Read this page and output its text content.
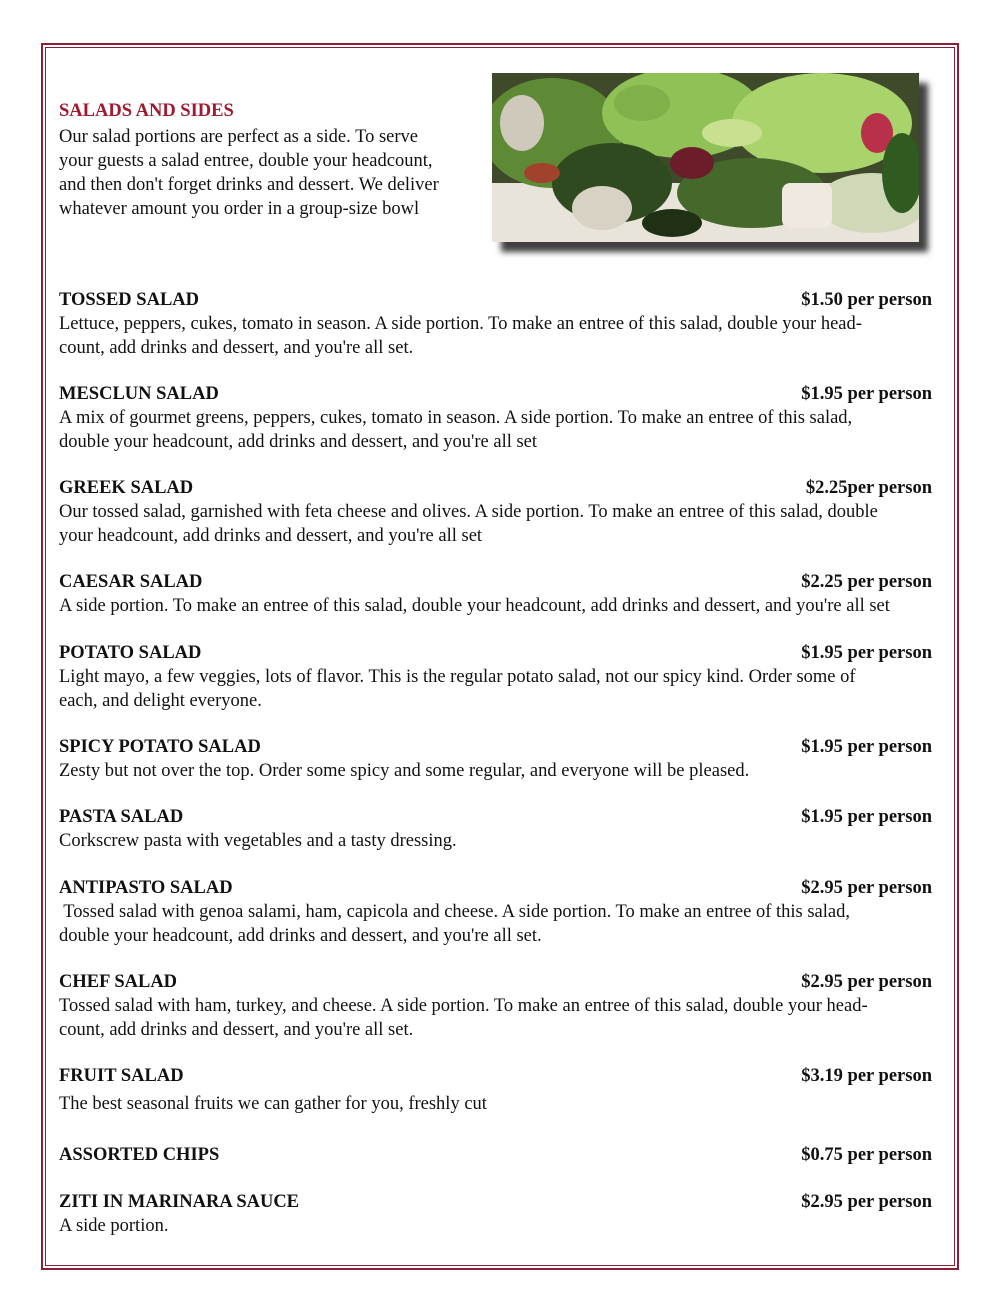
SALADS AND SIDES

Our salad portions are perfect as a side. To serve
your guests a salad entree, double your headcount,
and then don't forget drinks and dessert. We deliver
whatever amount you order in a group-size bowl

TOSSED SALAD	$1.50 per person
Lettuce, peppers, cukes, tomato in season. A side portion. To make an entree of this salad, double your head-
count, add drinks and dessert, and you're all set.
MESCLUN SALAD	$1.95 per person
A mix of gourmet greens, peppers, cukes, tomato in season. A side portion. To make an entree of this salad,
double your headcount, add drinks and dessert, and you're all set
GREEK SALAD	$2.25per person
Our tossed salad, garnished with feta cheese and olives. A side portion. To make an entree of this salad, double
your headcount, add drinks and dessert, and you're all set
CAESAR SALAD	$2.25 per person
A side portion. To make an entree of this salad, double your headcount, add drinks and dessert, and you're all set
POTATO SALAD	$1.95 per person
Light mayo, a few veggies, lots of flavor. This is the regular potato salad, not our spicy kind. Order some of
each, and delight everyone.
SPICY POTATO SALAD	$1.95 per person
Zesty but not over the top. Order some spicy and some regular, and everyone will be pleased.
PASTA SALAD	$1.95 per person
Corkscrew pasta with vegetables and a tasty dressing.
ANTIPASTO SALAD	$2.95 per person
Tossed salad with genoa salami, ham, capicola and cheese. A side portion. To make an entree of this salad,
double your headcount, add drinks and dessert, and you're all set.
CHEF SALAD	$2.95 per person
Tossed salad with ham, turkey, and cheese. A side portion. To make an entree of this salad, double your head-
count, add drinks and dessert, and you're all set.
FRUIT SALAD	$3.19 per person
The best seasonal fruits we can gather for you, freshly cut
ASSORTED CHIPS	$0.75 per person
ZITI IN MARINARA SAUCE	$2.95 per person
A side portion.
